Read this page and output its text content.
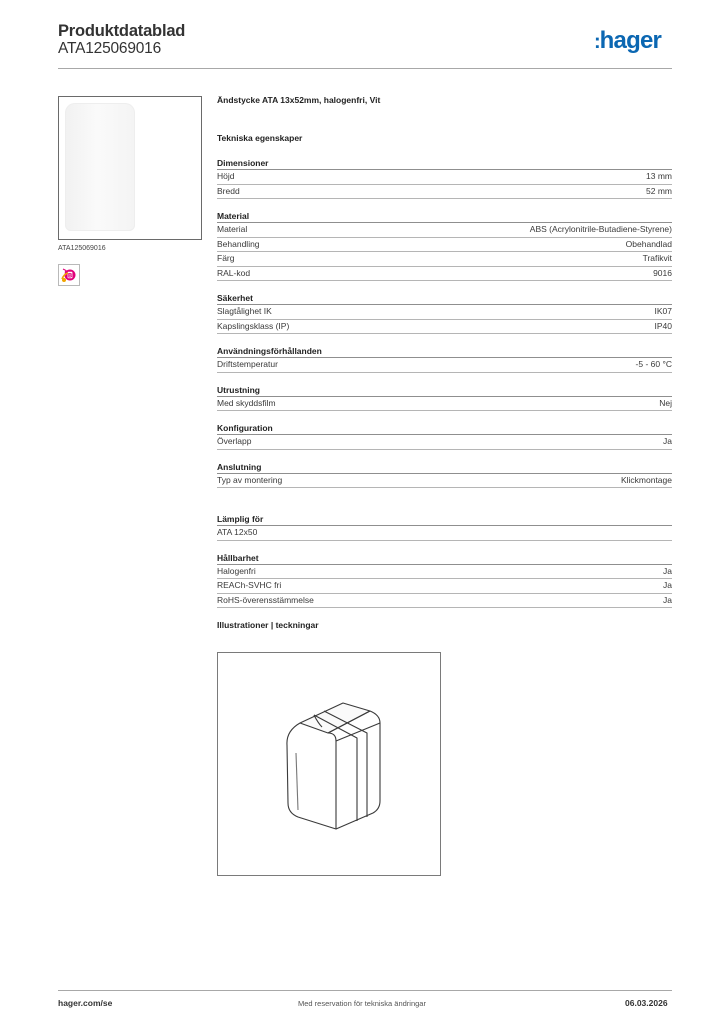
Produktdatablad
ATA125069016	:hager
ATA125069016
B
Ändstycke ATA 13x52mm, halogenfri, Vit
Tekniska egenskaper
Dimensioner
Höjd	13 mm
Bredd	52 mm
Material
Material	ABS (Acrylonitrile-Butadiene-Styrene)
Behandling	Obehandlad
Färg	Trafikvit
RAL-kod	9016
Säkerhet
Slagtålighet IK	IK07
Kapslingsklass (IP)	IP40
Användningsförhållanden
Driftstemperatur	-5 - 60 °C
Utrustning
Med skyddsfilm	Nej
Konfiguration
Överlapp	Ja
Anslutning
Typ av montering	Klickmontage
Lämplig för
ATA 12x50
Hållbarhet
Halogenfri	Ja
REACh-SVHC fri	Ja
RoHS-överensstämmelse	Ja
Illustrationer | teckningar
hager.com/se	Med reservation för tekniska ändringar	06.03.2026
